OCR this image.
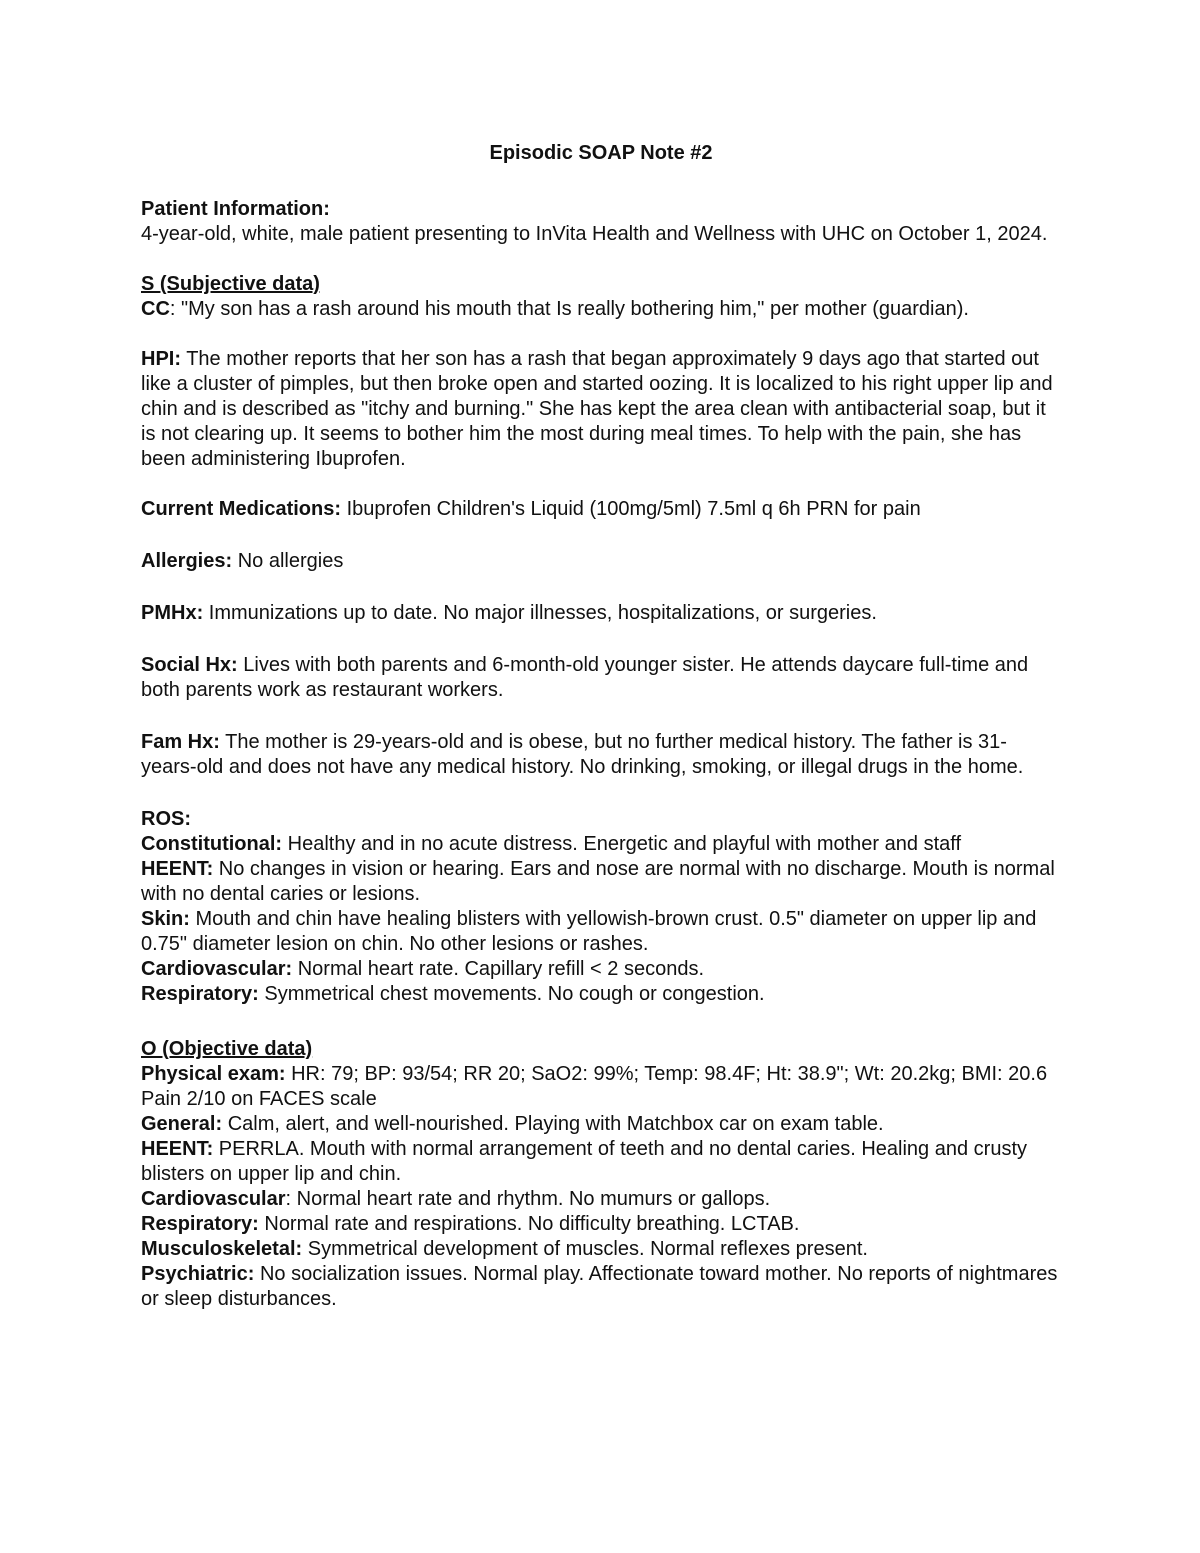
Episodic SOAP Note #2

Patient Information:

4-year-old, white, male patient presenting to InVita Health and Wellness with UHC on October 1, 2024.

S (Subjective data)

CC: "My son has a rash around his mouth that Is really bothering him," per mother (guardian).

HPI: The mother reports that her son has a rash that began approximately 9 days ago that started out like a cluster of pimples, but then broke open and started oozing. It is localized to his right upper lip and chin and is described as "itchy and burning." She has kept the area clean with antibacterial soap, but it is not clearing up. It seems to bother him the most during meal times. To help with the pain, she has been administering Ibuprofen.

Current Medications: Ibuprofen Children's Liquid (100mg/5ml) 7.5ml q 6h PRN for pain

Allergies: No allergies

PMHx: Immunizations up to date. No major illnesses, hospitalizations, or surgeries.

Social Hx: Lives with both parents and 6-month-old younger sister. He attends daycare full-time and both parents work as restaurant workers.

Fam Hx: The mother is 29-years-old and is obese, but no further medical history. The father is 31-years-old and does not have any medical history. No drinking, smoking, or illegal drugs in the home.

ROS:

Constitutional: Healthy and in no acute distress. Energetic and playful with mother and staff

HEENT: No changes in vision or hearing. Ears and nose are normal with no discharge. Mouth is normal with no dental caries or lesions.

Skin: Mouth and chin have healing blisters with yellowish-brown crust. 0.5" diameter on upper lip and 0.75" diameter lesion on chin. No other lesions or rashes.

Cardiovascular: Normal heart rate. Capillary refill < 2 seconds.

Respiratory: Symmetrical chest movements. No cough or congestion.

O (Objective data)

Physical exam: HR: 79; BP: 93/54; RR 20; SaO2: 99%; Temp: 98.4F; Ht: 38.9"; Wt: 20.2kg; BMI: 20.6 Pain 2/10 on FACES scale

General: Calm, alert, and well-nourished. Playing with Matchbox car on exam table.

HEENT: PERRLA. Mouth with normal arrangement of teeth and no dental caries. Healing and crusty blisters on upper lip and chin.

Cardiovascular: Normal heart rate and rhythm. No mumurs or gallops.

Respiratory: Normal rate and respirations. No difficulty breathing. LCTAB.

Musculoskeletal: Symmetrical development of muscles. Normal reflexes present.

Psychiatric: No socialization issues. Normal play. Affectionate toward mother. No reports of nightmares or sleep disturbances.
